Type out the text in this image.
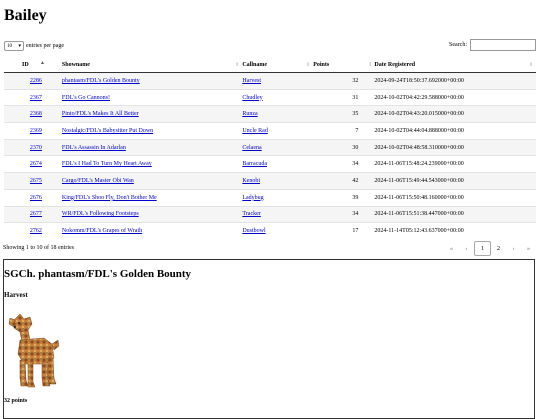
Bailey
10 ▾ entries per page	Search:
ID ▲	Showname ⇕	Callname ⇕	Points ⇕	Date Registered ⇕

2286	phantasm/FDL's Golden Bounty	Harvest	32	2024-09-24T18:50:37.692000+00:00
2367	FDL's Go Cannons!	Chudley	31	2024-10-02T04:42:29.588000+00:00
2368	Pinto/FDL's Makes It All Better	Runza	35	2024-10-02T04:43:20.015000+00:00
2369	Nostalgic/FDL's Babysitter Put Down	Uncle Rad	7	2024-10-02T04:44:04.888000+00:00
2370	FDL's Assassin In Adarlan	Celaena	30	2024-10-02T04:48:58.310000+00:00
2674	FDL's I Had To Turn My Heart Away	Barracuda	34	2024-11-06T15:48:24.239000+00:00
2675	Cargo/FDL's Master Obi Wan	Kenobi	42	2024-11-06T15:49:44.543000+00:00
2676	King/FDL's Shoo Fly, Don't Bother Me	Ladybug	39	2024-11-06T15:50:48.160000+00:00
2677	WR/FDL's Following Footsteps	Tracker	34	2024-11-06T15:51:38.447000+00:00
2762	Nokomm/FDL's Grapes of Wrath	Dustbowl	17	2024-11-14T05:12:43.637000+00:00
Showing 1 to 10 of 18 entries	«	‹	1	2	›	»
SGCh. phantasm/FDL's Golden Bounty
Harvest
32 points
